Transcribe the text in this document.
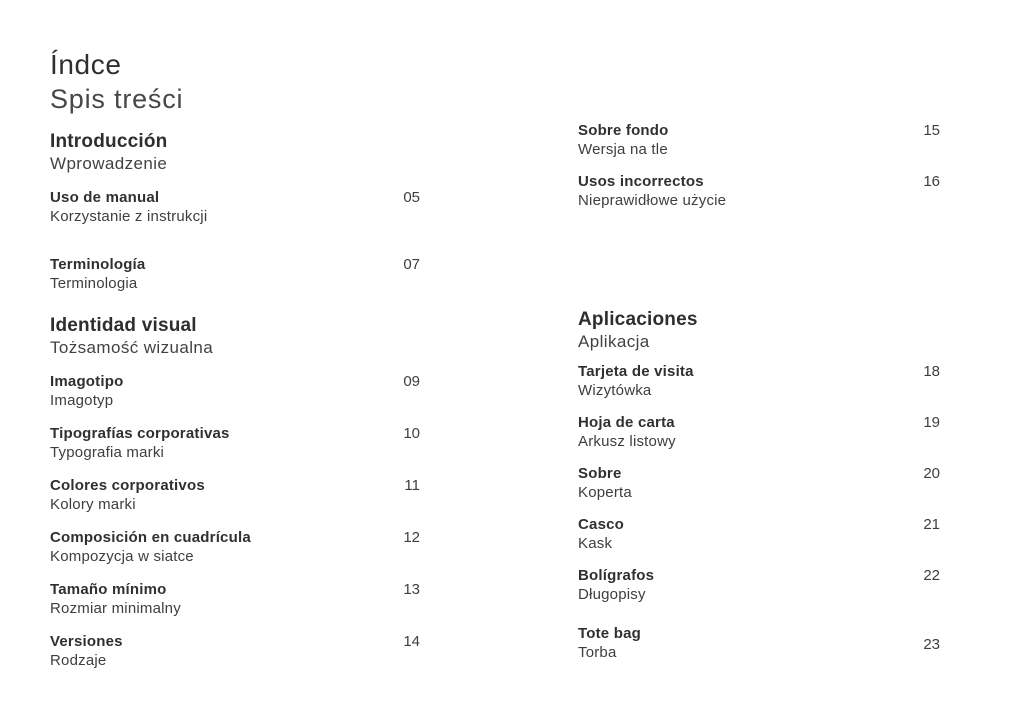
Índce
Spis treści
Introducción
Wprowadzenie
Uso de manual
Korzystanie z instrukcji
05
Terminología
Terminologia
07
Identidad visual
Tożsamość wizualna
Imagotipo
Imagotyp
09
Tipografías corporativas
Typografia marki
10
Colores corporativos
Kolory marki
11
Composición en cuadrícula
Kompozycja w siatce
12
Tamaño mínimo
Rozmiar minimalny
13
Versiones
Rodzaje
14
Sobre fondo
Wersja na tle
15
Usos incorrectos
Nieprawidłowe użycie
16
Aplicaciones
Aplikacja
Tarjeta de visita
Wizytówka
18
Hoja de carta
Arkusz listowy
19
Sobre
Koperta
20
Casco
Kask
21
Bolígrafos
Długopisy
22
Tote bag
Torba	23
